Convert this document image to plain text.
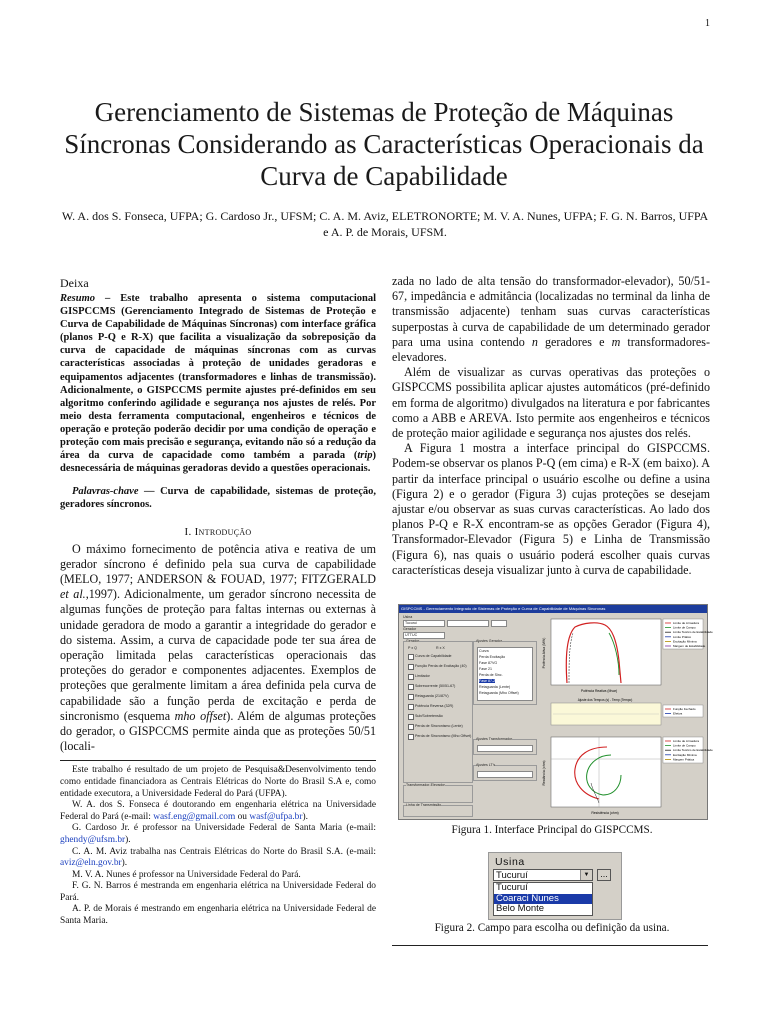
1
Gerenciamento de Sistemas de Proteção de Máquinas Síncronas Considerando as Características Operacionais da Curva de Capabilidade
W. A. dos S. Fonseca, UFPA; G. Cardoso Jr., UFSM; C. A. M. Aviz, ELETRONORTE; M. V. A. Nunes, UFPA; F. G. N. Barros, UFPA e A. P. de Morais, UFSM.
Deixa

Resumo – Este trabalho apresenta o sistema computacional GISPCCMS (Gerenciamento Integrado de Sistemas de Proteção e Curva de Capabilidade de Máquinas Síncronas) com interface gráfica (planos P-Q e R-X) que facilita a visualização da sobreposição da curva de capacidade de máquinas síncronas com as curvas características associadas à proteção de unidades geradoras e equipamentos adjacentes (transformadores e linhas de transmissão). Adicionalmente, o GISPCCMS permite ajustes pré-definidos em seu algoritmo conferindo agilidade e segurança nos ajustes de relés. Por meio desta ferramenta computacional, engenheiros e técnicos de operação e proteção poderão decidir por uma condição de operação e proteção com mais precisão e segurança, evitando não só a redução da área da curva de capacidade como também a parada (trip) desnecessária de máquinas geradoras devido a questões operacionais.

Palavras-chave — Curva de capabilidade, sistemas de proteção, geradores síncronos.

I. Introdução

O máximo fornecimento de potência ativa e reativa de um gerador síncrono é definido pela sua curva de capabilidade (MELO, 1977; ANDERSON & FOUAD, 1977; FITZGERALD et al.,1997). Adicionalmente, um gerador síncrono necessita de algumas funções de proteção para faltas internas ou externas à unidade geradora de modo a garantir a integridade do gerador e do sistema. Assim, a curva de capacidade pode ter sua área de operação limitada pelas características operacionais das proteções do gerador e componentes adjacentes. Exemplos de proteções que geralmente limitam a área definida pela curva de capabilidade são a função perda de excitação e perda de sincronismo (esquema mho offset). Além de algumas proteções do gerador, o GISPCCMS permite ainda que as proteções 50/51 (locali-

Este trabalho é resultado de um projeto de Pesquisa&Desenvolvimento tendo como entidade financiadora as Centrais Elétricas do Norte do Brasil S.A e, como entidade executora, a Universidade Federal do Pará (UFPA).

W. A. dos S. Fonseca é doutorando em engenharia elétrica na Universidade Federal do Pará (e-mail: wasf.eng@gmail.com ou wasf@ufpa.br).

G. Cardoso Jr. é professor na Universidade Federal de Santa Maria (e-mail: ghendy@ufsm.br).

C. A. M. Aviz trabalha nas Centrais Elétricas do Norte do Brasil S.A. (e-mail: aviz@eln.gov.br).

M. V. A. Nunes é professor na Universidade Federal do Pará.

F. G. N. Barros é mestranda em engenharia elétrica na Universidade Federal do Pará.

A. P. de Morais é mestrando em engenharia elétrica na Universidade Federal de Santa Maria.

zada no lado de alta tensão do transformador-elevador), 50/51-67, impedância e admitância (localizadas no terminal da linha de transmissão adjacente) tenham suas curvas características superpostas à curva de capabilidade de um determinado gerador para uma usina contendo n geradores e m transformadores-elevadores.

Além de visualizar as curvas operativas das proteções o GISPCCMS possibilita aplicar ajustes automáticos (pré-definido em forma de algoritmo) divulgados na literatura e por fabricantes como a ABB e AREVA. Isto permite aos engenheiros e técnicos de proteção maior agilidade e segurança nos ajustes dos relés.

A Figura 1 mostra a interface principal do GISPCCMS. Podem-se observar os planos P-Q (em cima) e R-X (em baixo). A partir da interface principal o usuário escolhe ou define a usina (Figura 2) e o gerador (Figura 3) cujas proteções se desejam ajustar e/ou observar as suas curvas características. Ao lado dos planos P-Q e R-X encontram-se as opções Gerador (Figura 4), Transformador-Elevador (Figura 5) e Linha de Transmissão (Figura 6), nas quais o usuário poderá escolher quais curvas características deseja visualizar junto à curva de capabilidade.

GISPCCMS - Gerenciamento Integrado de Sistemas de Proteção e Curva de Capabilidade de Máquinas Síncronas
Usina
Tucuruí
Gerador
UTTUC
Gerador
P x Q	R x X
Curva de Capabilidade
Função Perda de Excitação (40)
Limitador
Sobrecorrente (50/51-67)
Retaguarda (21/87V)
Potência Reversa (32R)
Sub/Sobretensão
Perda de Sincronismo (Lente)
Perda de Sincronismo (Mho Offset)
Ajustes Gerador
Curva
Perda Excitação
Fase 87VG
Fase 21
Perda de Sinc.
Fase 87-Z
Retaguarda (Lente)
Retaguarda (Mho Offset)
Ajustes Transformador
Ajustes LT's
Transformador-Elevador
Linha de Transmissão
Limite de Armadura
Limite de Campo
Limite Teórico de Estabilidade
Limite Prático
Excitação Mínima
Margem de Estabilidade
Potência Reativa (Mvar)
Potência Ativa (MW)
Ajuste dos Tempos (s) - Temp (Tempo)
Função Fechado
Efetiva
Limite de Armadura
Limite de Campo
Limite Teórico de Estabilidade
Excitação Mínima
Margem Prática
Resistência (ohm)
Reatância (ohm)
Figura 1. Interface Principal do GISPCCMS.
Usina
Tucuruí	▼	...
Tucuruí
Coaraci Nunes
Belo Monte
Figura 2. Campo para escolha ou definição da usina.
